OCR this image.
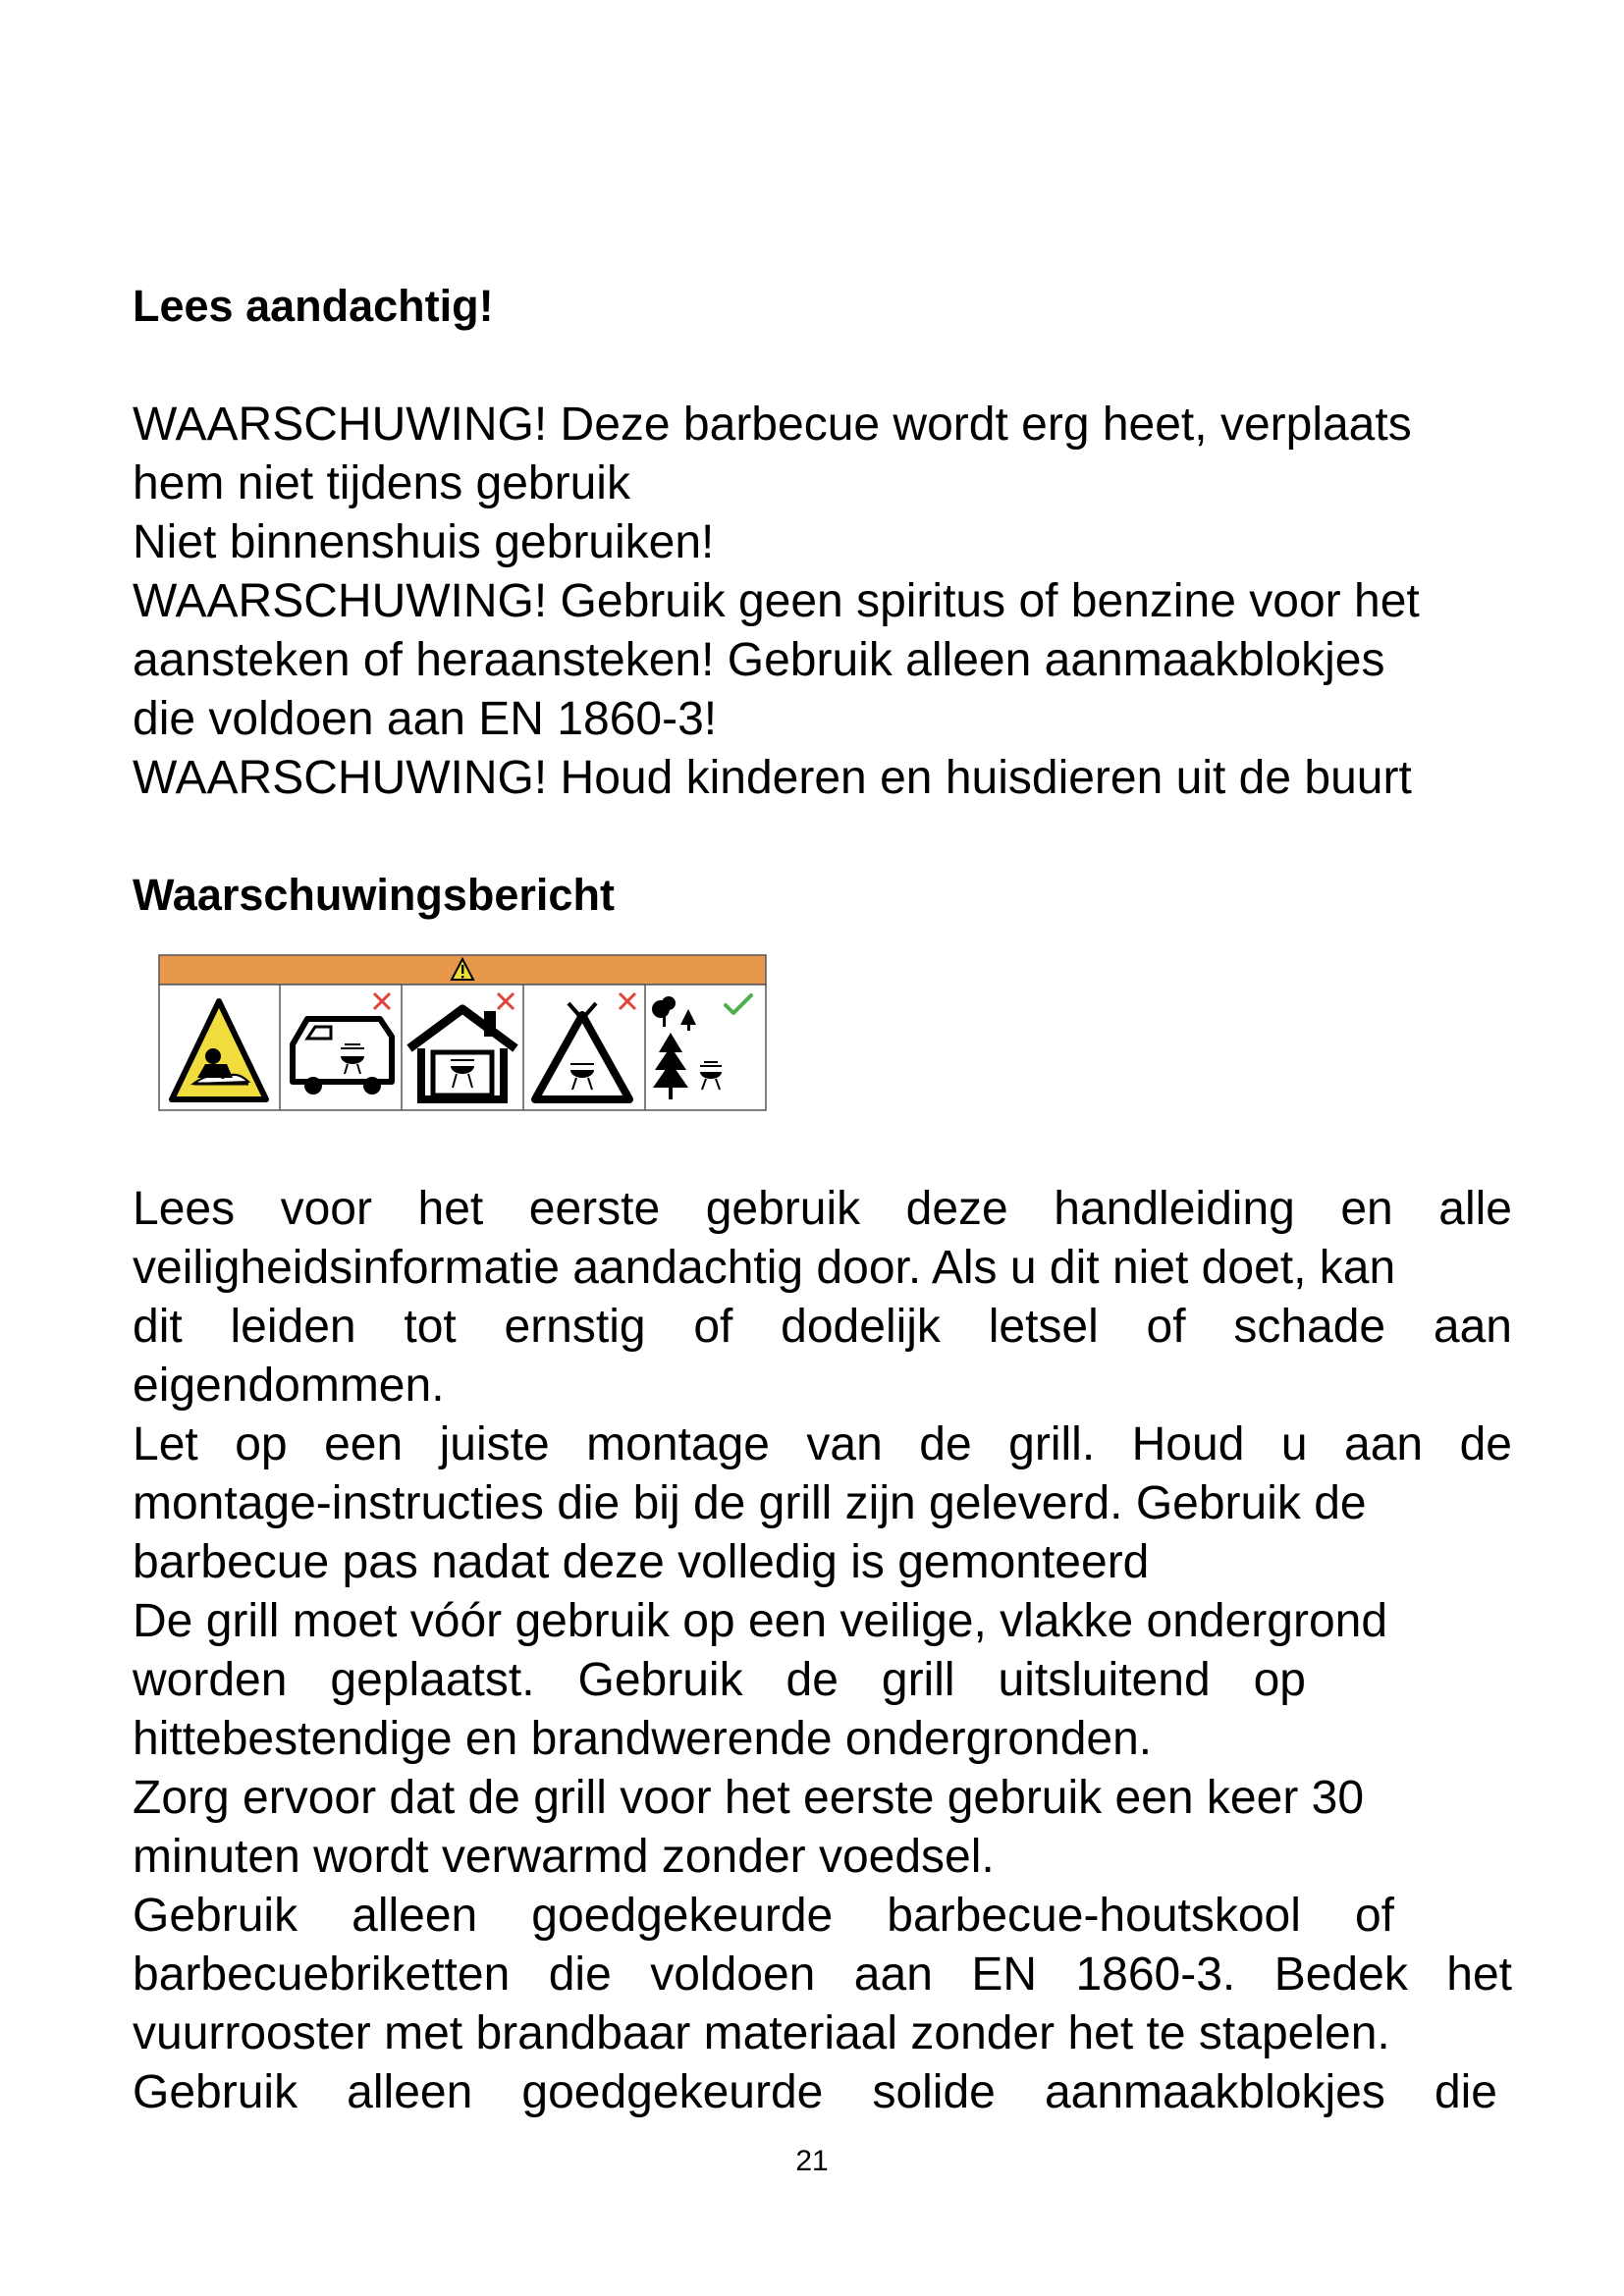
Lees aandachtig!
WAARSCHUWING! Deze barbecue wordt erg heet, verplaats
hem niet tijdens gebruik
Niet binnenshuis gebruiken!
WAARSCHUWING! Gebruik geen spiritus of benzine voor het
aansteken of heraansteken! Gebruik alleen aanmaakblokjes
die voldoen aan EN 1860-3!
WAARSCHUWING! Houd kinderen en huisdieren uit de buurt
Waarschuwingsbericht
Lees voor het eerste gebruik deze handleiding en alle
veiligheidsinformatie aandachtig door. Als u dit niet doet, kan
dit leiden tot ernstig of dodelijk letsel of schade aan
eigendommen.
Let op een juiste montage van de grill. Houd u aan de
montage-instructies die bij de grill zijn geleverd. Gebruik de
barbecue pas nadat deze volledig is gemonteerd
De grill moet vóór gebruik op een veilige, vlakke ondergrond
worden geplaatst. Gebruik de grill uitsluitend op
hittebestendige en brandwerende ondergronden.
Zorg ervoor dat de grill voor het eerste gebruik een keer 30
minuten wordt verwarmd zonder voedsel.
Gebruik alleen goedgekeurde barbecue-houtskool of
barbecuebriketten die voldoen aan EN 1860-3. Bedek het
vuurrooster met brandbaar materiaal zonder het te stapelen.
Gebruik alleen goedgekeurde solide aanmaakblokjes die
21
